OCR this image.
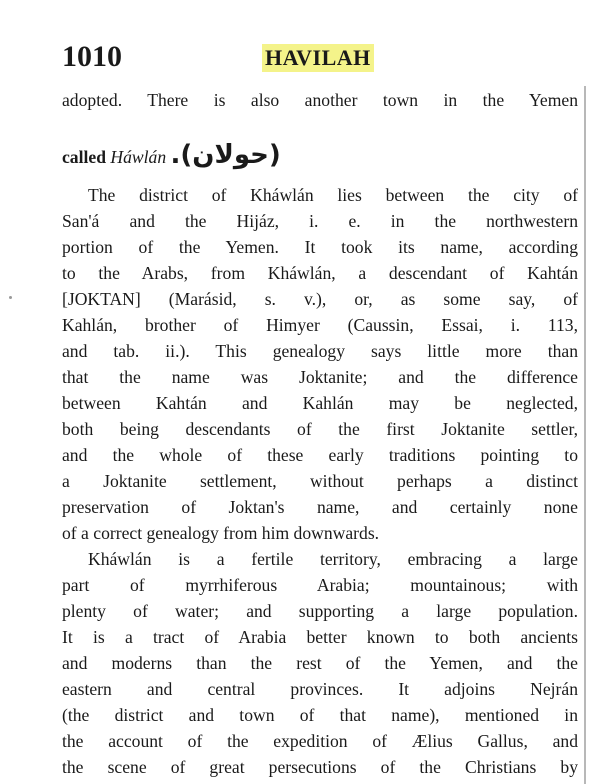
1010	HAVILAH
adopted. There is also another town in the Yemen
called Háwlán (حولان).
The district of Kháwlán lies between the city of
San'á and the Hijáz, i. e. in the northwestern
portion of the Yemen. It took its name, according
to the Arabs, from Kháwlán, a descendant of Kahtán
[JOKTAN] (Marásid, s. v.), or, as some say, of
Kahlán, brother of Himyer (Caussin, Essai, i. 113,
and tab. ii.). This genealogy says little more than
that the name was Joktanite; and the difference
between Kahtán and Kahlán may be neglected,
both being descendants of the first Joktanite settler,
and the whole of these early traditions pointing to
a Joktanite settlement, without perhaps a distinct
preservation of Joktan's name, and certainly none
of a correct genealogy from him downwards.
Kháwlán is a fertile territory, embracing a large
part of myrrhiferous Arabia; mountainous; with
plenty of water; and supporting a large population.
It is a tract of Arabia better known to both ancients
and moderns than the rest of the Yemen, and the
eastern and central provinces. It adjoins Nejrán
(the district and town of that name), mentioned in
the account of the expedition of Ælius Gallus, and
the scene of great persecutions of the Christians by
